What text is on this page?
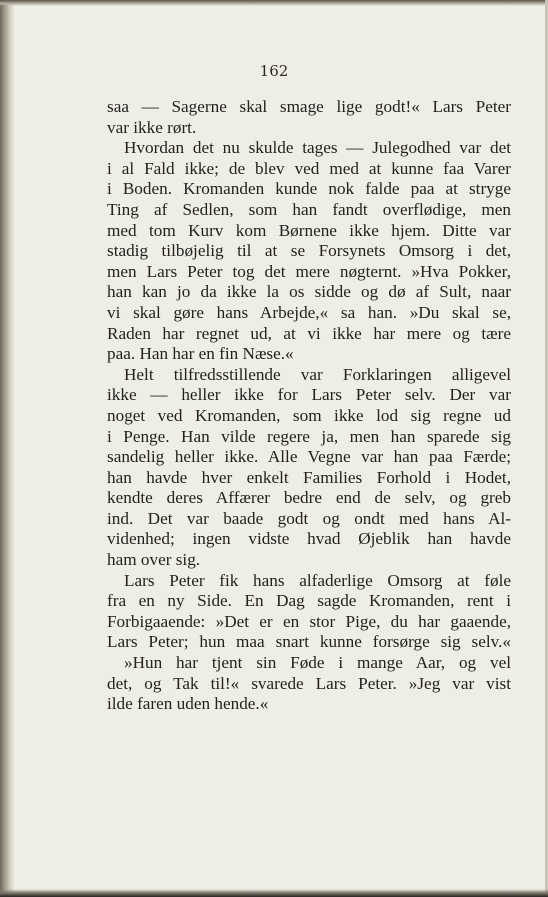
162
saa — Sagerne skal smage lige godt!« Lars Peter
var ikke rørt.
Hvordan det nu skulde tages — Julegodhed var det
i al Fald ikke; de blev ved med at kunne faa Varer
i Boden. Kromanden kunde nok falde paa at stryge
Ting af Sedlen, som han fandt overflødige, men
med tom Kurv kom Børnene ikke hjem. Ditte var
stadig tilbøjelig til at se Forsynets Omsorg i det,
men Lars Peter tog det mere nøgternt. »Hva Pokker,
han kan jo da ikke la os sidde og dø af Sult, naar
vi skal gøre hans Arbejde,« sa han. »Du skal se,
Raden har regnet ud, at vi ikke har mere og tære
paa. Han har en fin Næse.«
Helt tilfredsstillende var Forklaringen alligevel
ikke — heller ikke for Lars Peter selv. Der var
noget ved Kromanden, som ikke lod sig regne ud
i Penge. Han vilde regere ja, men han sparede sig
sandelig heller ikke. Alle Vegne var han paa Færde;
han havde hver enkelt Families Forhold i Hodet,
kendte deres Affærer bedre end de selv, og greb
ind. Det var baade godt og ondt med hans Al-
videnhed; ingen vidste hvad Øjeblik han havde
ham over sig.
Lars Peter fik hans alfaderlige Omsorg at føle
fra en ny Side. En Dag sagde Kromanden, rent i
Forbigaaende: »Det er en stor Pige, du har gaaende,
Lars Peter; hun maa snart kunne forsørge sig selv.«
»Hun har tjent sin Føde i mange Aar, og vel
det, og Tak til!« svarede Lars Peter. »Jeg var vist
ilde faren uden hende.«
